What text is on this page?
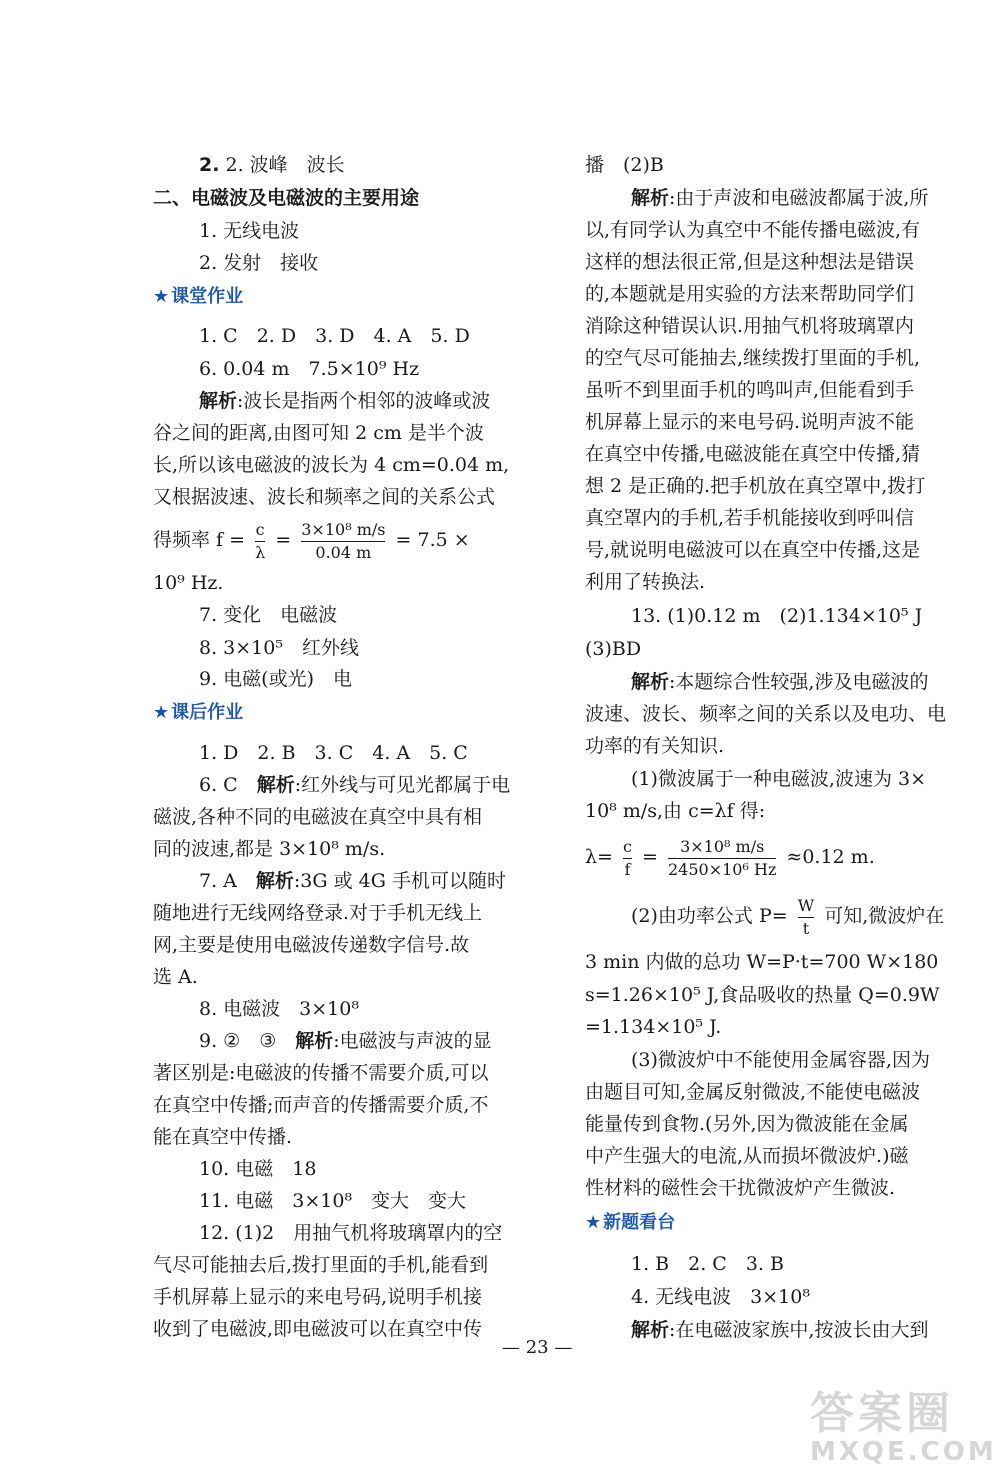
2. 2. 波峰　波长
二、电磁波及电磁波的主要用途
1. 无线电波
2. 发射　接收
★ 课堂作业
1. C　2. D　3. D　4. A　5. D
6. 0.04 m　7.5×10⁹ Hz
解析:波长是指两个相邻的波峰或波
谷之间的距离,由图可知 2 cm 是半个波
长,所以该电磁波的波长为 4 cm=0.04 m,
又根据波速、波长和频率之间的关系公式
得频率 $f = \frac{c}{\lambda} = \frac{\text{3×10⁸ m/s}}{0.04 m} = 7.5$ ×
10⁹ Hz.
7. 变化　电磁波
8. 3×10⁵　红外线
9. 电磁(或光)　电
★ 课后作业
1. D　2. B　3. C　4. A　5. C
6. C　解析:红外线与可见光都属于电
磁波,各种不同的电磁波在真空中具有相
同的波速,都是 3×10⁸ m/s.
7. A　解析:3G 或 4G 手机可以随时
随地进行无线网络登录.对于手机无线上
网,主要是使用电磁波传递数字信号.故
选 A.
8. 电磁波　3×10⁸
9. ②　③　解析:电磁波与声波的显
著区别是:电磁波的传播不需要介质,可以
在真空中传播;而声音的传播需要介质,不
能在真空中传播.
10. 电磁　18
11. 电磁　3×10⁸　变大　变大
12. (1)2　用抽气机将玻璃罩内的空
气尽可能抽去后,拨打里面的手机,能看到
手机屏幕上显示的来电号码,说明手机接
收到了电磁波,即电磁波可以在真空中传
播　(2)B
解析:由于声波和电磁波都属于波,所
以,有同学认为真空中不能传播电磁波,有
这样的想法很正常,但是这种想法是错误
的,本题就是用实验的方法来帮助同学们
消除这种错误认识.用抽气机将玻璃罩内
的空气尽可能抽去,继续拨打里面的手机,
虽听不到里面手机的鸣叫声,但能看到手
机屏幕上显示的来电号码.说明声波不能
在真空中传播,电磁波能在真空中传播,猜
想 2 是正确的.把手机放在真空罩中,拨打
真空罩内的手机,若手机能接收到呼叫信
号,就说明电磁波可以在真空中传播,这是
利用了转换法.
13. (1)0.12 m　(2)1.134×10⁵ J
(3)BD
解析:本题综合性较强,涉及电磁波的
波速、波长、频率之间的关系以及电功、电
功率的有关知识.
(1)微波属于一种电磁波,波速为 3×
10⁸ m/s,由 c=λf 得:
$\lambda= \frac{c}{f} = \frac{\text{3×10⁸ m/s}}{\text{2450×10⁶ Hz}} \approx 0.12$ m.
(2)由功率公式 $P= \frac{W}{t}$ 可知,微波炉在
3 min 内做的总功 W=P·t=700 W×180
s=1.26×10⁵ J,食品吸收的热量 Q=0.9W
=1.134×10⁵ J.
(3)微波炉中不能使用金属容器,因为
由题目可知,金属反射微波,不能使电磁波
能量传到食物.(另外,因为微波能在金属
中产生强大的电流,从而损坏微波炉.)磁
性材料的磁性会干扰微波炉产生微波.
★ 新题看台
1. B　2. C　3. B
4. 无线电波　3×10⁸
解析:在电磁波家族中,按波长由大到
— 23 —
答案圈
MXQE.COM
